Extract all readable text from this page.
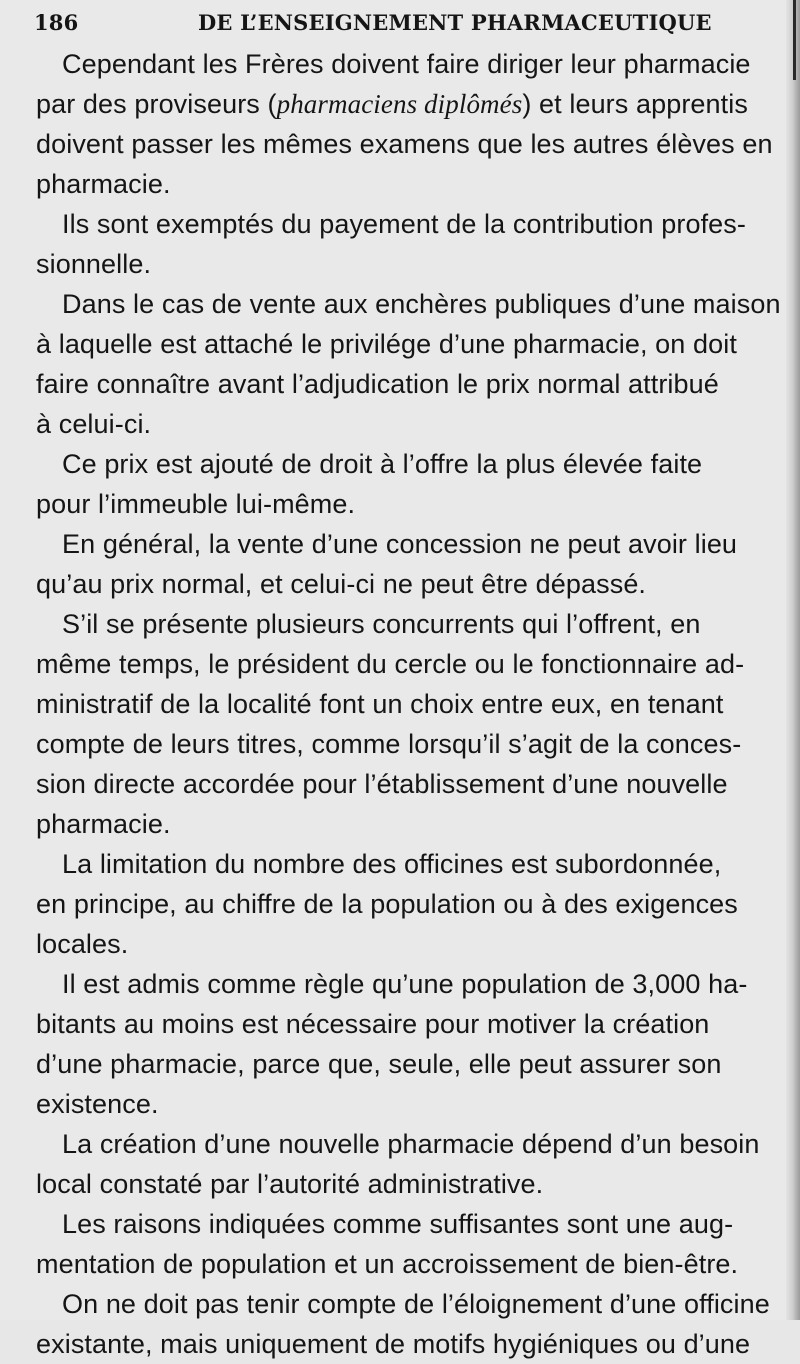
186	DE L’ENSEIGNEMENT PHARMACEUTIQUE
Cependant les Frères doivent faire diriger leur pharmacie
par des proviseurs (pharmaciens diplômés) et leurs apprentis
doivent passer les mêmes examens que les autres élèves en
pharmacie.
Ils sont exemptés du payement de la contribution profes-
sionnelle.
Dans le cas de vente aux enchères publiques d’une maison
à laquelle est attaché le privilége d’une pharmacie, on doit
faire connaître avant l’adjudication le prix normal attribué
à celui-ci.
Ce prix est ajouté de droit à l’offre la plus élevée faite
pour l’immeuble lui-même.
En général, la vente d’une concession ne peut avoir lieu
qu’au prix normal, et celui-ci ne peut être dépassé.
S’il se présente plusieurs concurrents qui l’offrent, en
même temps, le président du cercle ou le fonctionnaire ad-
ministratif de la localité font un choix entre eux, en tenant
compte de leurs titres, comme lorsqu’il s’agit de la conces-
sion directe accordée pour l’établissement d’une nouvelle
pharmacie.
La limitation du nombre des officines est subordonnée,
en principe, au chiffre de la population ou à des exigences
locales.
Il est admis comme règle qu’une population de 3,000 ha-
bitants au moins est nécessaire pour motiver la création
d’une pharmacie, parce que, seule, elle peut assurer son
existence.
La création d’une nouvelle pharmacie dépend d’un besoin
local constaté par l’autorité administrative.
Les raisons indiquées comme suffisantes sont une aug-
mentation de population et un accroissement de bien-être.
On ne doit pas tenir compte de l’éloignement d’une officine
existante, mais uniquement de motifs hygiéniques ou d’une
